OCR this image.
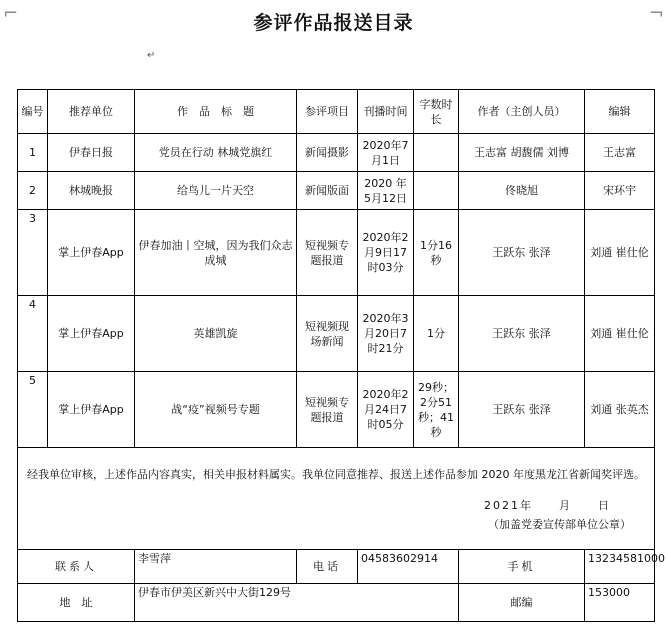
⌐	¬
参评作品报送目录
↵
编号	推荐单位	作　品　标　题	参评项目	刊播时间	字数时长	作者（主创人员）	编辑
1	伊春日报	党员在行动 林城党旗红	新闻摄影	2020年7月1日		王志富 胡馥儒 刘博	王志富
2	林城晚报	给鸟儿一片天空	新闻版面	2020 年5月12日		佟晓旭	宋环宇
3	掌上伊春App	伊春加油丨空城，因为我们众志成城	短视频专题报道	2020年2月9日17时03分	1分16秒	王跃东 张泽	刘通 崔仕伦
4	掌上伊春App	英雄凯旋	短视频现场新闻	2020年3月20日7时21分	1分	王跃东 张泽	刘通 崔仕伦
5	掌上伊春App	战“疫”视频号专题	短视频专题报道	2020年2月24日7时05分	29秒；2分51秒；41秒	王跃东 张泽	刘通 张英杰

经我单位审核，上述作品内容真实，相关申报材料属实。我单位同意推荐、报送上述作品参加 2020 年度黑龙江省新闻奖评选。
2021年　　月　　日
（加盖党委宣传部单位公章）							

联系人		李雪萍	电话	04583602914		手机	13234581000
地　址		伊春市伊美区新兴中大街129号				邮编	153000
